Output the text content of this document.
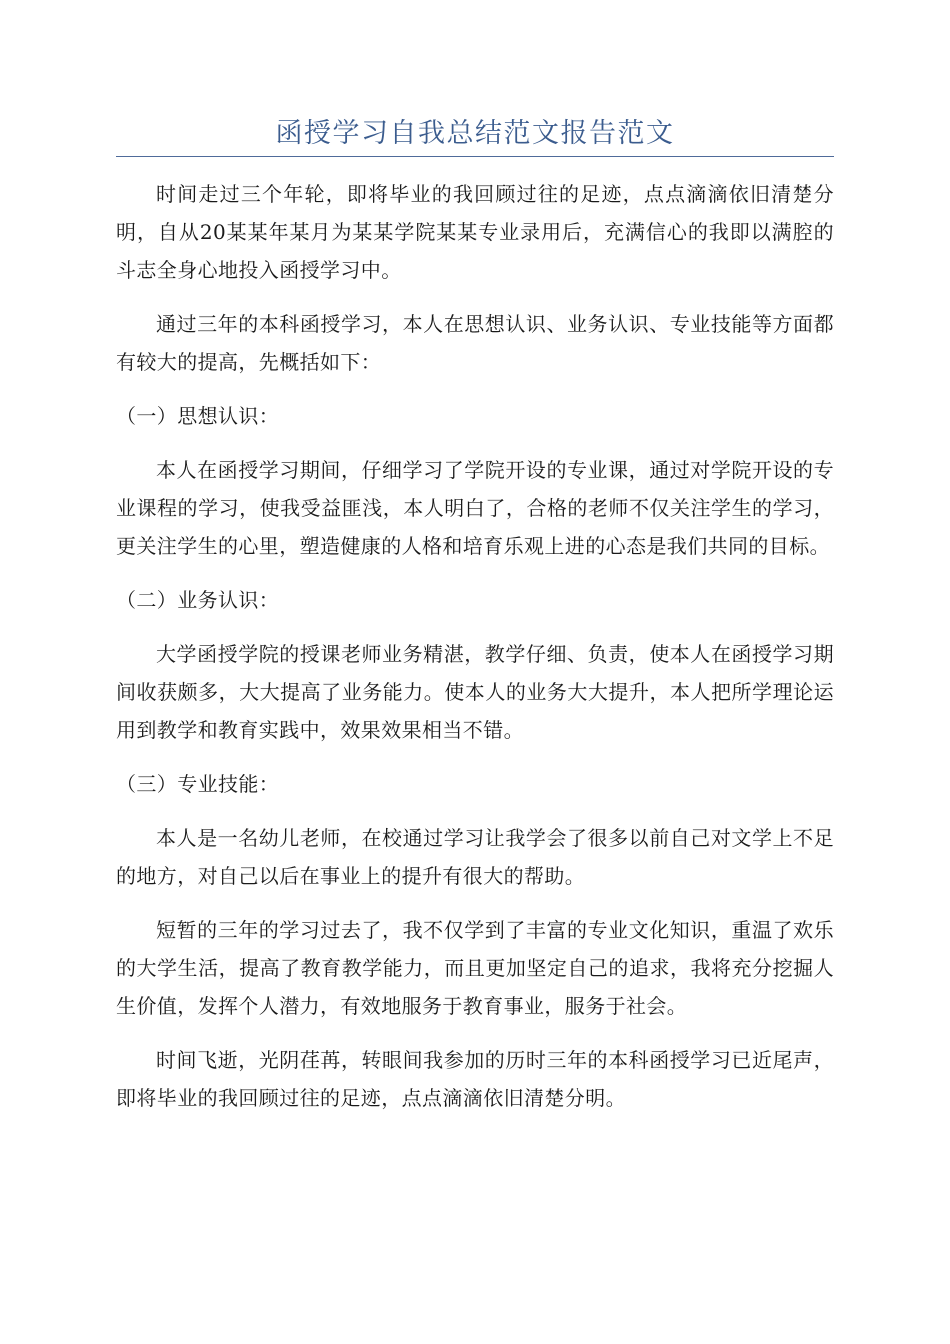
函授学习自我总结范文报告范文

时间走过三个年轮，即将毕业的我回顾过往的足迹，点点滴滴依旧清楚分明，自从20某某年某月为某某学院某某专业录用后，充满信心的我即以满腔的斗志全身心地投入函授学习中。

通过三年的本科函授学习，本人在思想认识、业务认识、专业技能等方面都有较大的提高，先概括如下：

（一）思想认识：

本人在函授学习期间，仔细学习了学院开设的专业课，通过对学院开设的专业课程的学习，使我受益匪浅，本人明白了，合格的老师不仅关注学生的学习，更关注学生的心里，塑造健康的人格和培育乐观上进的心态是我们共同的目标。

（二）业务认识：

大学函授学院的授课老师业务精湛，教学仔细、负责，使本人在函授学习期间收获颇多，大大提高了业务能力。使本人的业务大大提升，本人把所学理论运用到教学和教育实践中，效果效果相当不错。

（三）专业技能：

本人是一名幼儿老师，在校通过学习让我学会了很多以前自己对文学上不足的地方，对自己以后在事业上的提升有很大的帮助。

短暂的三年的学习过去了，我不仅学到了丰富的专业文化知识，重温了欢乐的大学生活，提高了教育教学能力，而且更加坚定自己的追求，我将充分挖掘人生价值，发挥个人潜力，有效地服务于教育事业，服务于社会。

时间飞逝，光阴荏苒，转眼间我参加的历时三年的本科函授学习已近尾声，即将毕业的我回顾过往的足迹，点点滴滴依旧清楚分明。
